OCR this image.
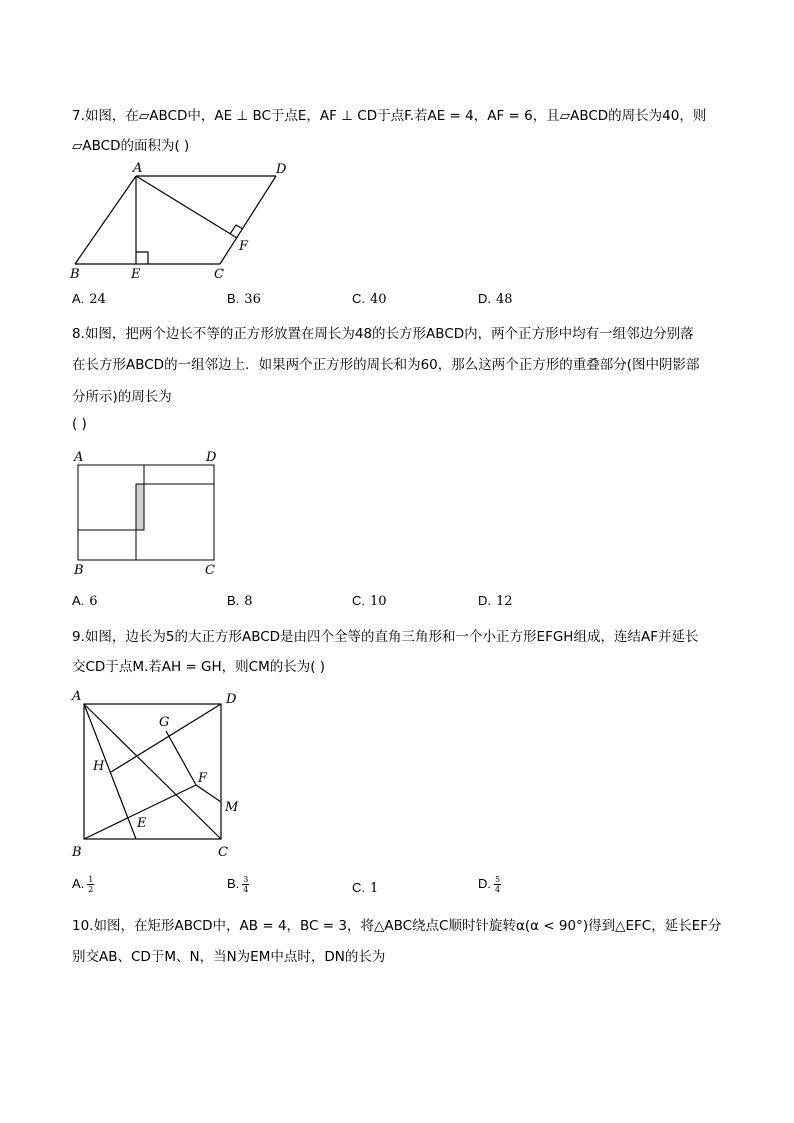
7.如图，在▱ABCD中，AE ⊥ BC于点E，AF ⊥ CD于点F.若AE = 4，AF = 6，且▱ABCD的周长为40，则
▱ABCD的面积为( )
A	D
B	E	C
F
A. 24	B. 36	C. 40	D. 48
8.如图，把两个边长不等的正方形放置在周长为48的长方形ABCD内，两个正方形中均有一组邻边分别落
在长方形ABCD的一组邻边上．如果两个正方形的周长和为60，那么这两个正方形的重叠部分(图中阴影部
分所示)的周长为
( )
A	D
B	C
A. 6	B. 8	C. 10	D. 12
9.如图，边长为5的大正方形ABCD是由四个全等的直角三角形和一个小正方形EFGH组成，连结AF并延长
交CD于点M.若AH = GH，则CM的长为( )
A	D
B	C
G
H
F
M
E
A. $\frac{1}{2}$	B. $\frac{3}{4}$	C. 1	D. $\frac{5}{4}$
10.如图，在矩形ABCD中，AB = 4，BC = 3，将△ABC绕点C顺时针旋转α(α < 90°)得到△EFC，延长EF分
别交AB、CD于M、N，当N为EM中点时，DN的长为
